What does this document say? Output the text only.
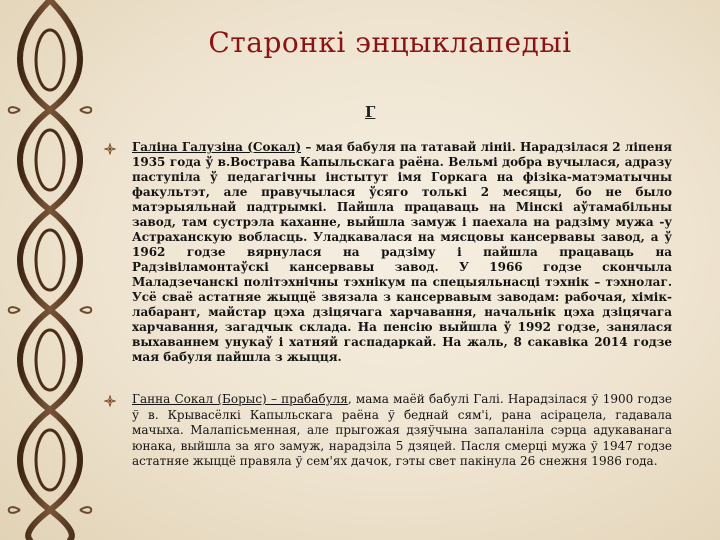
Старонкі энцыклапедыі
Г
Галіна Галузіна (Сокал) – мая бабуля па татавай лініі. Нарадзілася 2 ліпеня 1935 года ў в.Вострава Капыльскага раёна. Вельмі добра вучылася, адразу паступіла ў педагагічны інстытут імя Горкага на фізіка-матэматычны факультэт, але правучылася ўсяго толькі 2 месяцы, бо не было матэрыяльнай падтрымкі. Пайшла працаваць на Мінскі аўтамабільны завод, там сустрэла каханне, выйшла замуж і паехала на радзіму мужа -у Астраханскую вобласць. Уладкавалася на мясцовы кансервавы завод, а ў 1962 годзе вярнулася на радзіму і пайшла працаваць на Радзівіламонтаўскі кансервавы завод. У 1966 годзе скончыла Маладзечанскі політэхнічны тэхнікум па спецыяльнасці тэхнік – тэхнолаг. Усё сваё астатняе жыццё звязала з кансервавым заводам: рабочая, хімік-лабарант, майстар цэха дзіцячага харчавання, начальнік цэха дзіцячага харчавання, загадчык склада. На пенсію выйшла ў 1992 годзе, занялася выхаваннем унукаў і хатняй гаспадаркай. На жаль, 8 сакавіка 2014 годзе мая бабуля пайшла з жыцця.
Ганна Сокал (Борыс) – прабабуля, мама маёй бабулі Галі. Нарадзілася ў 1900 годзе ў в. Крывасёлкі Капыльскага раёна ў беднай сям'і, рана асірацела, гадавала мачыха. Малапісьменная, але прыгожая дзяўчына запаланіла сэрца адукаванага юнака, выйшла за яго замуж, нарадзіла 5 дзяцей. Пасля смерці мужа ў 1947 годзе астатняе жыццё правяла ў сем'ях дачок, гэты свет пакінула 26 снежня 1986 года.
